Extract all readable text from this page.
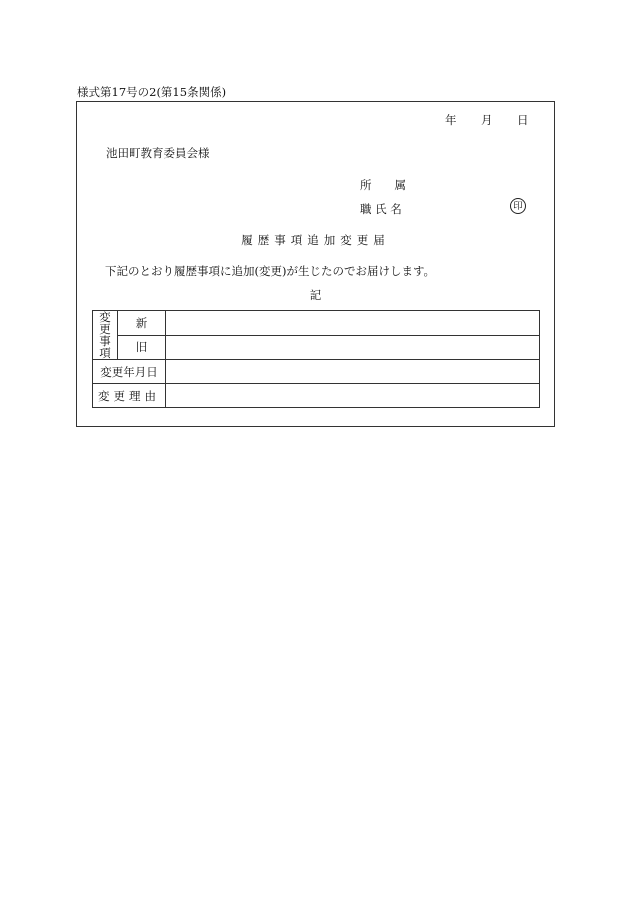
様式第17号の2(第15条関係)
年 月 日
池田町教育委員会様
所　　属
職 氏 名	印
履歴事項追加変更届
下記のとおり履歴事項に追加(変更)が生じたのでお届けします。
記
変
更
事
項	新	
	旧	
変更年月日		
変更理由		
